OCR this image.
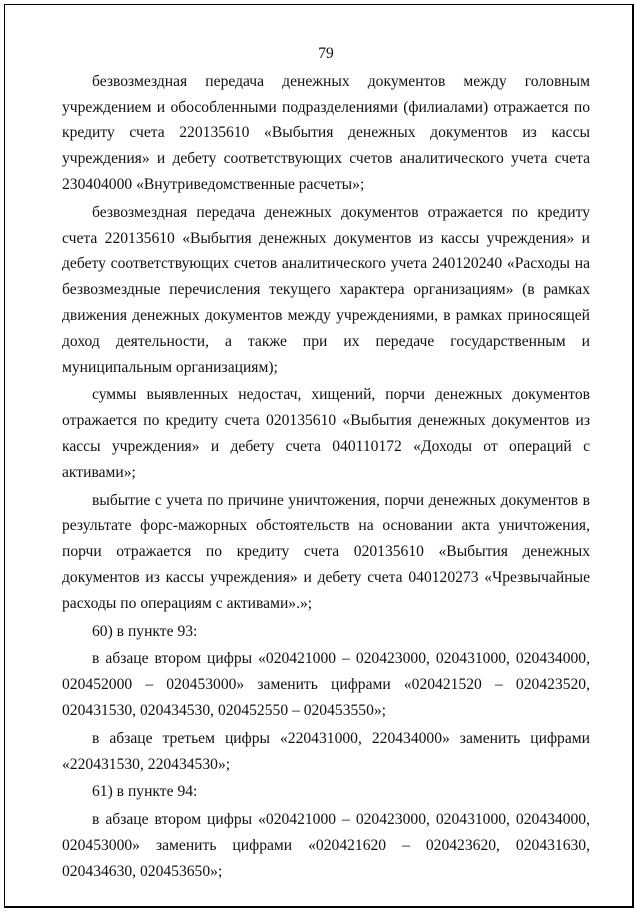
79

безвозмездная передача денежных документов между головным учреждением и обособленными подразделениями (филиалами) отражается по кредиту счета 220135610 «Выбытия денежных документов из кассы учреждения» и дебету соответствующих счетов аналитического учета счета 230404000 «Внутриведомственные расчеты»;

безвозмездная передача денежных документов отражается по кредиту счета 220135610 «Выбытия денежных документов из кассы учреждения» и дебету соответствующих счетов аналитического учета 240120240 «Расходы на безвозмездные перечисления текущего характера организациям» (в рамках движения денежных документов между учреждениями, в рамках приносящей доход деятельности, а также при их передаче государственным и муниципальным организациям);

суммы выявленных недостач, хищений, порчи денежных документов отражается по кредиту счета 020135610 «Выбытия денежных документов из кассы учреждения» и дебету счета 040110172 «Доходы от операций с активами»;

выбытие с учета по причине уничтожения, порчи денежных документов в результате форс-мажорных обстоятельств на основании акта уничтожения, порчи отражается по кредиту счета 020135610 «Выбытия денежных документов из кассы учреждения» и дебету счета 040120273 «Чрезвычайные расходы по операциям с активами».»;

60) в пункте 93:

в абзаце втором цифры «020421000 – 020423000, 020431000, 020434000, 020452000 – 020453000» заменить цифрами «020421520 – 020423520, 020431530, 020434530, 020452550 – 020453550»;

в абзаце третьем цифры «220431000, 220434000» заменить цифрами «220431530, 220434530»;

61) в пункте 94:

в абзаце втором цифры «020421000 – 020423000, 020431000, 020434000, 020453000» заменить цифрами «020421620 – 020423620, 020431630, 020434630, 020453650»;
